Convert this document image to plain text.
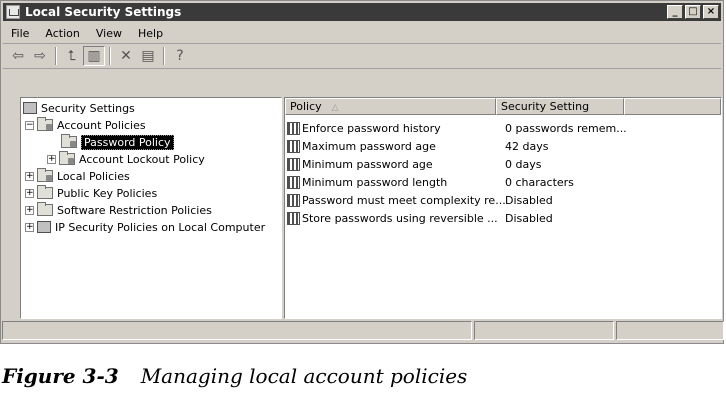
Local Security Settings	_	□ ×
File	Action	View	Help
⇦ ⇨	⮤ ▥	✕ ▤	?
Security Settings
− Account Policies
Password Policy
+ Account Lockout Policy
+ Local Policies
+ Public Key Policies
+ Software Restriction Policies
+ IP Security Policies on Local Computer
Policy △	Security Setting
Enforce password history	0 passwords remem...
Maximum password age	42 days
Minimum password age	0 days
Minimum password length	0 characters
Password must meet complexity re... Disabled
Store passwords using reversible ... Disabled
Figure 3-3 Managing local account policies
